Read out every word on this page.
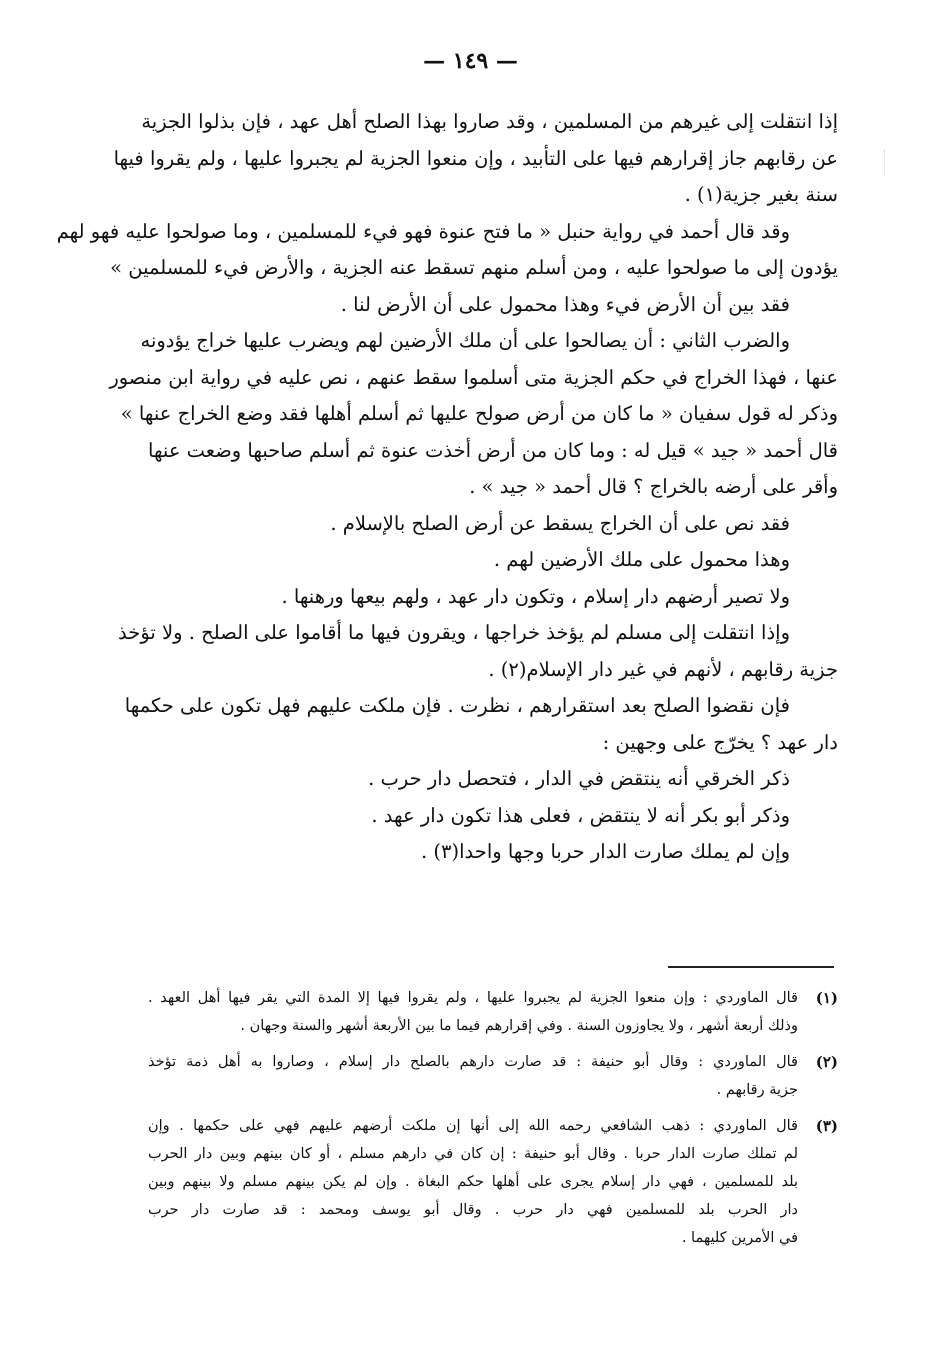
— ١٤٩ —
إذا انتقلت إلى غيرهم من المسلمين ، وقد صاروا بهذا الصلح أهل عهد ، فإن بذلوا الجزية
عن رقابهم جاز إقرارهم فيها على التأبيد ، وإن منعوا الجزية لم يجبروا عليها ، ولم يقروا فيها
سنة بغير جزية(١) .
وقد قال أحمد في رواية حنبل « ما فتح عنوة فهو فيء للمسلمين ، وما صولحوا عليه فهو لهم
يؤدون إلى ما صولحوا عليه ، ومن أسلم منهم تسقط عنه الجزية ، والأرض فيء للمسلمين »
فقد بين أن الأرض فيء وهذا محمول على أن الأرض لنا .
والضرب الثاني : أن يصالحوا على أن ملك الأرضين لهم ويضرب عليها خراج يؤدونه
عنها ، فهذا الخراج في حكم الجزية متى أسلموا سقط عنهم ، نص عليه في رواية ابن منصور
وذكر له قول سفيان « ما كان من أرض صولح عليها ثم أسلم أهلها فقد وضع الخراج عنها »
قال أحمد « جيد » قيل له : وما كان من أرض أخذت عنوة ثم أسلم صاحبها وضعت عنها
وأقر على أرضه بالخراج ؟ قال أحمد « جيد » .
فقد نص على أن الخراج يسقط عن أرض الصلح بالإسلام .
وهذا محمول على ملك الأرضين لهم .
ولا تصير أرضهم دار إسلام ، وتكون دار عهد ، ولهم بيعها ورهنها .
وإذا انتقلت إلى مسلم لم يؤخذ خراجها ، ويقرون فيها ما أقاموا على الصلح . ولا تؤخذ
جزية رقابهم ، لأنهم في غير دار الإسلام(٢) .
فإن نقضوا الصلح بعد استقرارهم ، نظرت . فإن ملكت عليهم فهل تكون على حكمها
دار عهد ؟ يخرّج على وجهين :
ذكر الخرقي أنه ينتقض في الدار ، فتحصل دار حرب .
وذكر أبو بكر أنه لا ينتقض ، فعلى هذا تكون دار عهد .
وإن لم يملك صارت الدار حربا وجها واحدا(٣) .
(١)
قال الماوردي : وإن منعوا الجزية لم يجبروا عليها ، ولم يقروا فيها إلا المدة التي يقر فيها أهل العهد .
وذلك أربعة أشهر ، ولا يجاوزون السنة . وفي إقرارهم فيما ما بين الأربعة أشهر والسنة وجهان .
(٢)
قال الماوردي : وقال أبو حنيفة : قد صارت دارهم بالصلح دار إسلام ، وصاروا به أهل ذمة تؤخذ
جزية رقابهم .
(٣)
قال الماوردي : ذهب الشافعي رحمه الله إلى أنها إن ملكت أرضهم عليهم فهي على حكمها . وإن
لم تملك صارت الدار حربا . وقال أبو حنيفة : إن كان في دارهم مسلم ، أو كان بينهم وبين دار الحرب
بلد للمسلمين ، فهي دار إسلام يجرى على أهلها حكم البغاة . وإن لم يكن بينهم مسلم ولا بينهم وبين
دار الحرب بلد للمسلمين فهي دار حرب . وقال أبو يوسف ومحمد : قد صارت دار حرب
في الأمرين كليهما .
